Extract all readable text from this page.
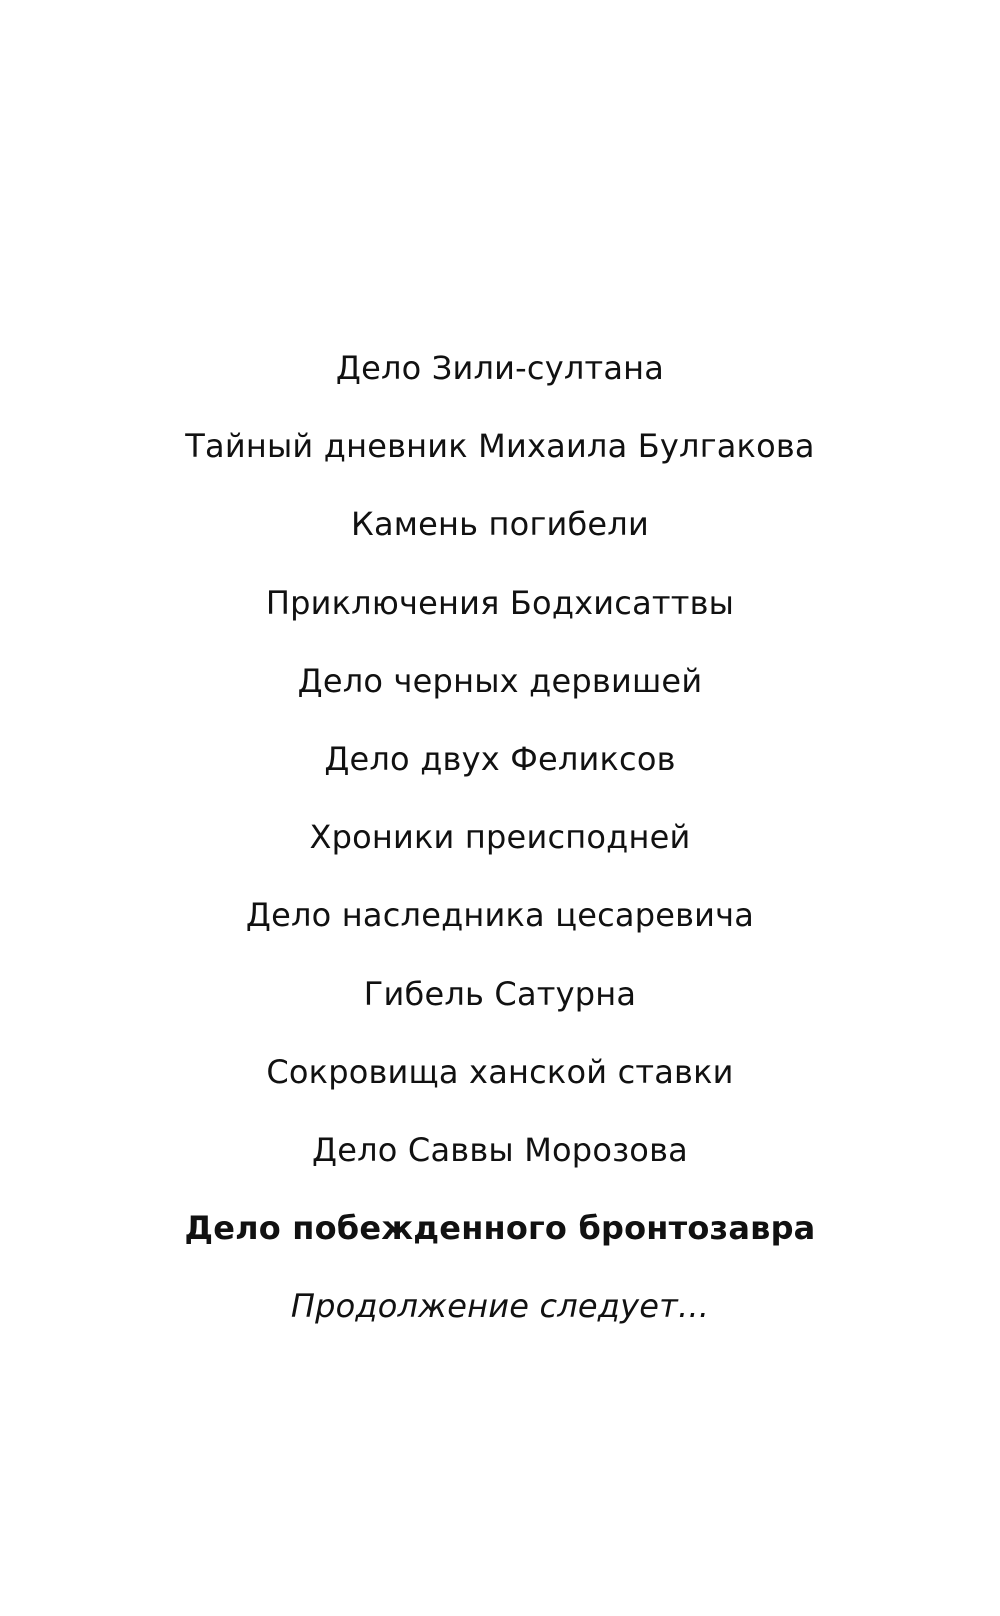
Дело Зили-султана
Тайный дневник Михаила Булгакова
Камень погибели
Приключения Бодхисаттвы
Дело черных дервишей
Дело двух Феликсов
Хроники преисподней
Дело наследника цесаревича
Гибель Сатурна
Сокровища ханской ставки
Дело Саввы Морозова
Дело побежденного бронтозавра

Продолжение следует...
